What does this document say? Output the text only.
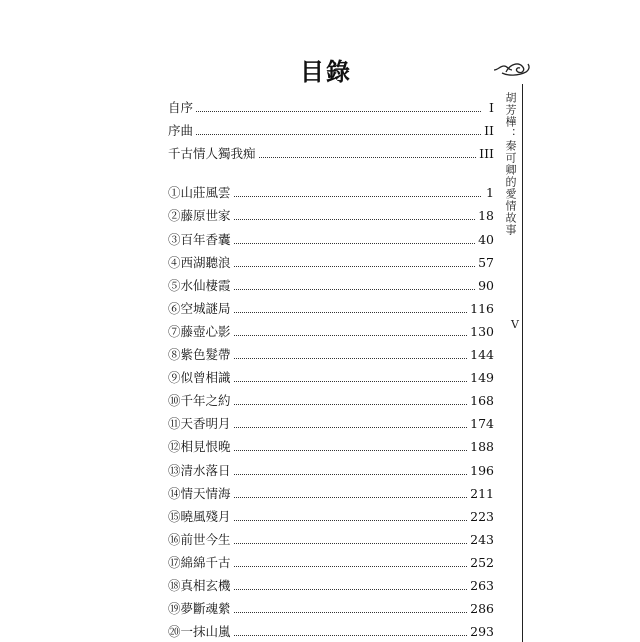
目錄
胡芳樺：秦可卿的愛情故事
V
自序	I
序曲	II
千古情人獨我痴	III
①山莊風雲	1
②藤原世家	18
③百年香囊	40
④西湖聽浪	57
⑤水仙棲霞	90
⑥空城謎局	116
⑦藤壺心影	130
⑧紫色髮帶	144
⑨似曾相識	149
⑩千年之約	168
⑪天香明月	174
⑫相見恨晚	188
⑬清水落日	196
⑭情天情海	211
⑮曉風殘月	223
⑯前世今生	243
⑰綿綿千古	252
⑱真相玄機	263
⑲夢斷魂縈	286
⑳一抹山嵐	293
